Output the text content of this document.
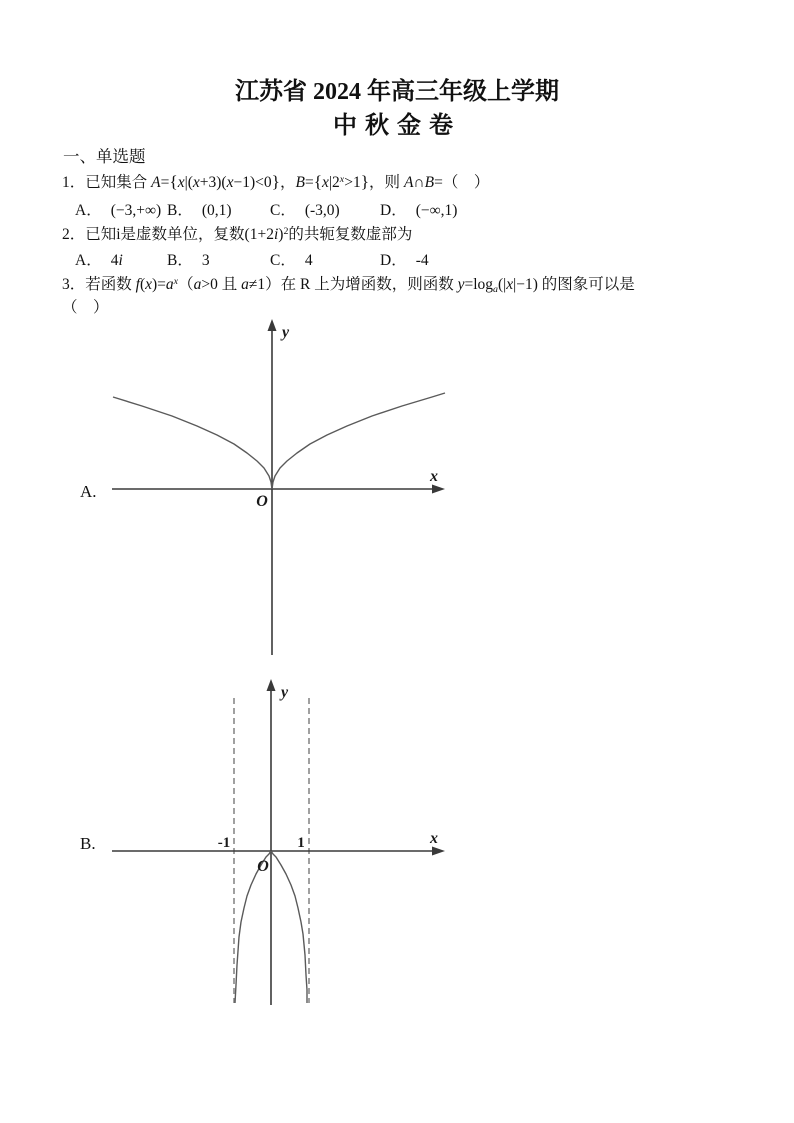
江苏省 2024 年高三年级上学期
中秋金卷
一、单选题
1．已知集合 A={x|(x+3)(x−1)<0}，$B=\{x|2^x>1\}$，则 A∩B=（　）

A． (−3,+∞)

B． (0,1)

C． (-3,0)

	D． (−∞,1)

2．已知i是虚数单位，复数$(1+2i)^2$的共轭复数虚部为

A． 4i

	B． 3

	C． 4

	D． -4

3．若函数 $f(x)=a^x(a>0$ 且 a≠1）在 R 上为增函数，则函数 y=loga(|x|−1) 的图象可以是
（　）
A.
y
x
O
B.
y
x
O
-1	1
